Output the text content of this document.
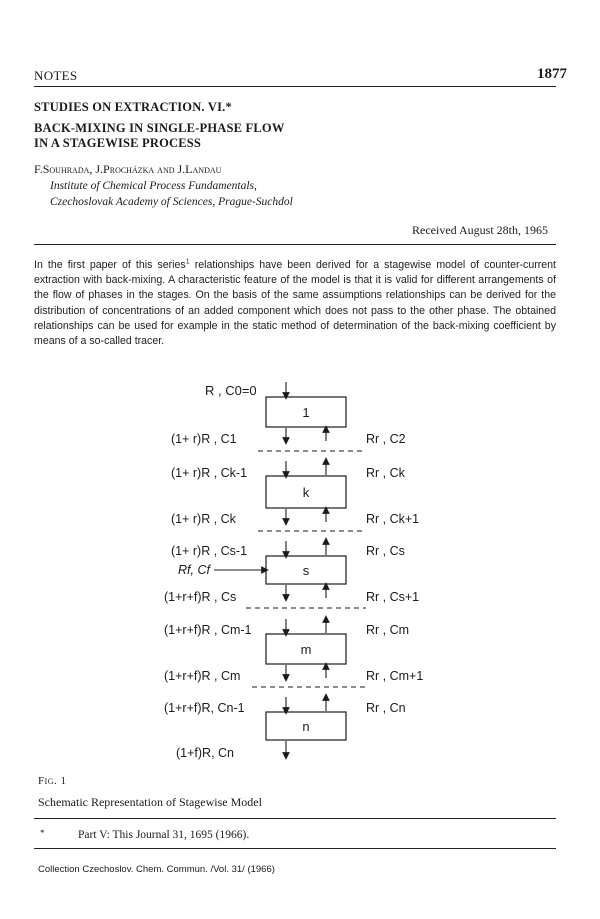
NOTES	1877
STUDIES ON EXTRACTION. VI.*
BACK-MIXING IN SINGLE-PHASE FLOW
IN A STAGEWISE PROCESS
F.Souhrada, J.Procházka and J.Landau
Institute of Chemical Process Fundamentals,
Czechoslovak Academy of Sciences, Prague-Suchdol
Received August 28th, 1965
In the first paper of this series$^1$ relationships have been derived for a stagewise model of counter-current extraction with back-mixing. A characteristic feature of the model is that it is valid for different arrangements of the flow of phases in the stages. On the basis of the same assumptions relationships can be derived for the distribution of concentrations of an added component which does not pass to the other phase. The obtained relationships can be used for example in the static method of determination of the back-mixing coefficient by means of a so-called tracer.
1
k
s
m
n
R , C0=0
(1+ r)R , C1
(1+ r)R , Ck-1
(1+ r)R , Ck
(1+ r)R , Cs-1
Rf, Cf
(1+r+f)R , Cs
(1+r+f)R , Cm-1
(1+r+f)R , Cm
(1+r+f)R, Cn-1
(1+f)R, Cn
Rr , C2
Rr , Ck
Rr , Ck+1
Rr , Cs
Rr , Cs+1
Rr , Cm
Rr , Cm+1
Rr , Cn
Fig. 1
Schematic Representation of Stagewise Model
*	Part V: This Journal 31, 1695 (1966).
Collection Czechoslov. Chem. Commun. /Vol. 31/ (1966)
